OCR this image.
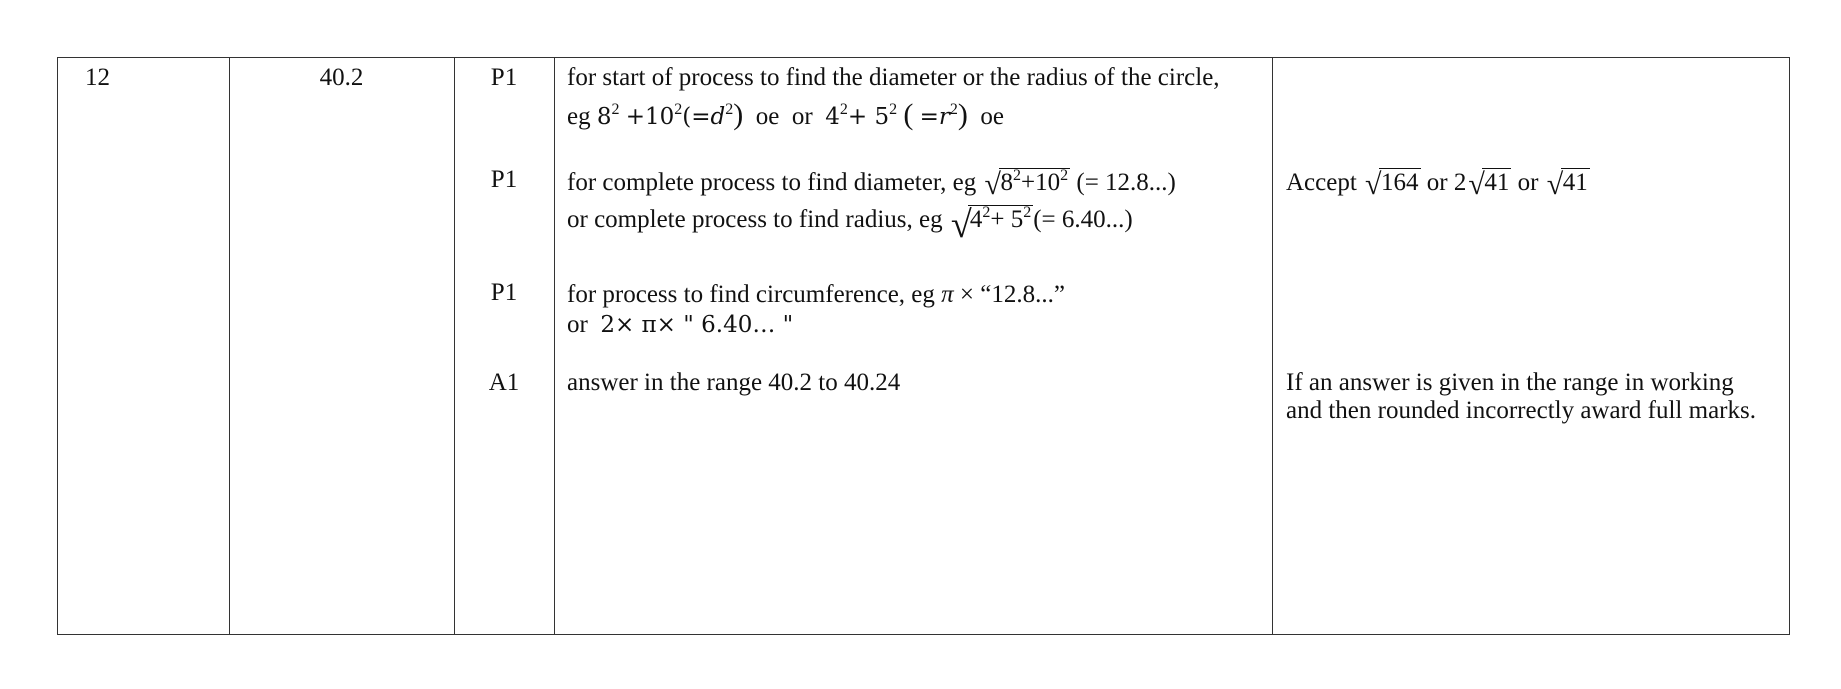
12	40.2	P1
P1
P1
A1
for start of process to find the diameter or the radius of the circle,
eg $8^2 +10^2(=d^2)$ oe or $4^2+ 5^2$ ( $=r^2$) oe
for complete process to find diameter, eg √ $8^2+10^2$ (= 12.8...)
or complete process to find radius, eg √
$4^2+ 5^2(= 6.40...)$
for process to find circumference, eg π × “12.8...”
or 2× π× " 6.40… "
answer in the range 40.2 to 40.24
Accept √ 164 or 2 √ 41 or √ 41
If an answer is given in the range in working
and then rounded incorrectly award full marks.
